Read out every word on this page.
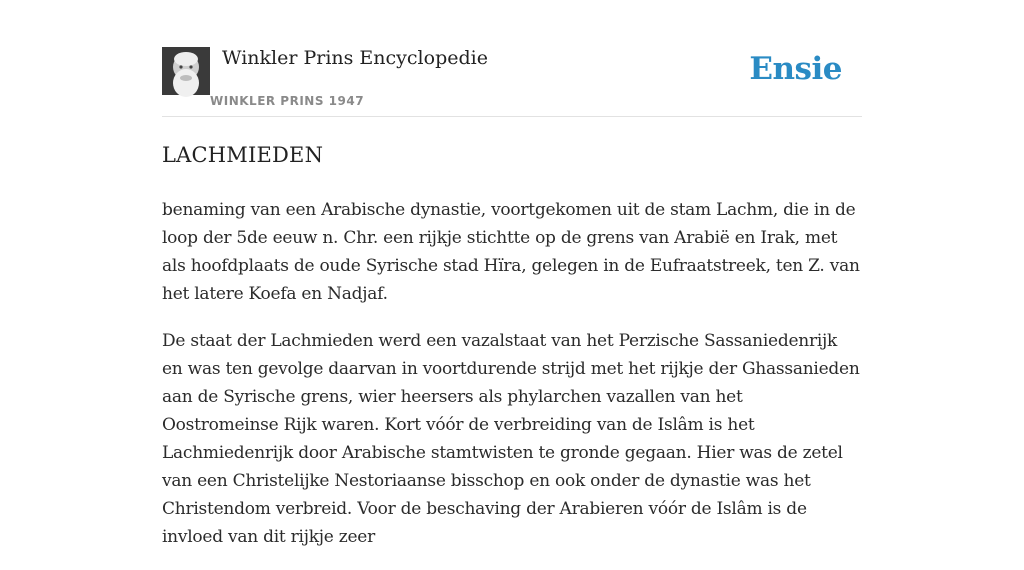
Winkler Prins Encyclopedie
WINKLER PRINS 1947
Ensie
LACHMIEDEN

benaming van een Arabische dynastie, voortgekomen uit de stam Lachm, die in de loop der 5de eeuw n. Chr. een rijkje stichtte op de grens van Arabië en Irak, met als hoofdplaats de oude Syrische stad Hïra, gelegen in de Eufraatstreek, ten Z. van het latere Koefa en Nadjaf.

De staat der Lachmieden werd een vazalstaat van het Perzische Sassaniedenrijk en was ten gevolge daarvan in voortdurende strijd met het rijkje der Ghassanieden aan de Syrische grens, wier heersers als phylarchen vazallen van het Oostromeinse Rijk waren. Kort vóór de verbreiding van de Islâm is het Lachmiedenrijk door Arabische stamtwisten te gronde gegaan. Hier was de zetel van een Christelijke Nestoriaanse bisschop en ook onder de dynastie was het Christendom verbreid. Voor de beschaving der Arabieren vóór de Islâm is de invloed van dit rijkje zeer
